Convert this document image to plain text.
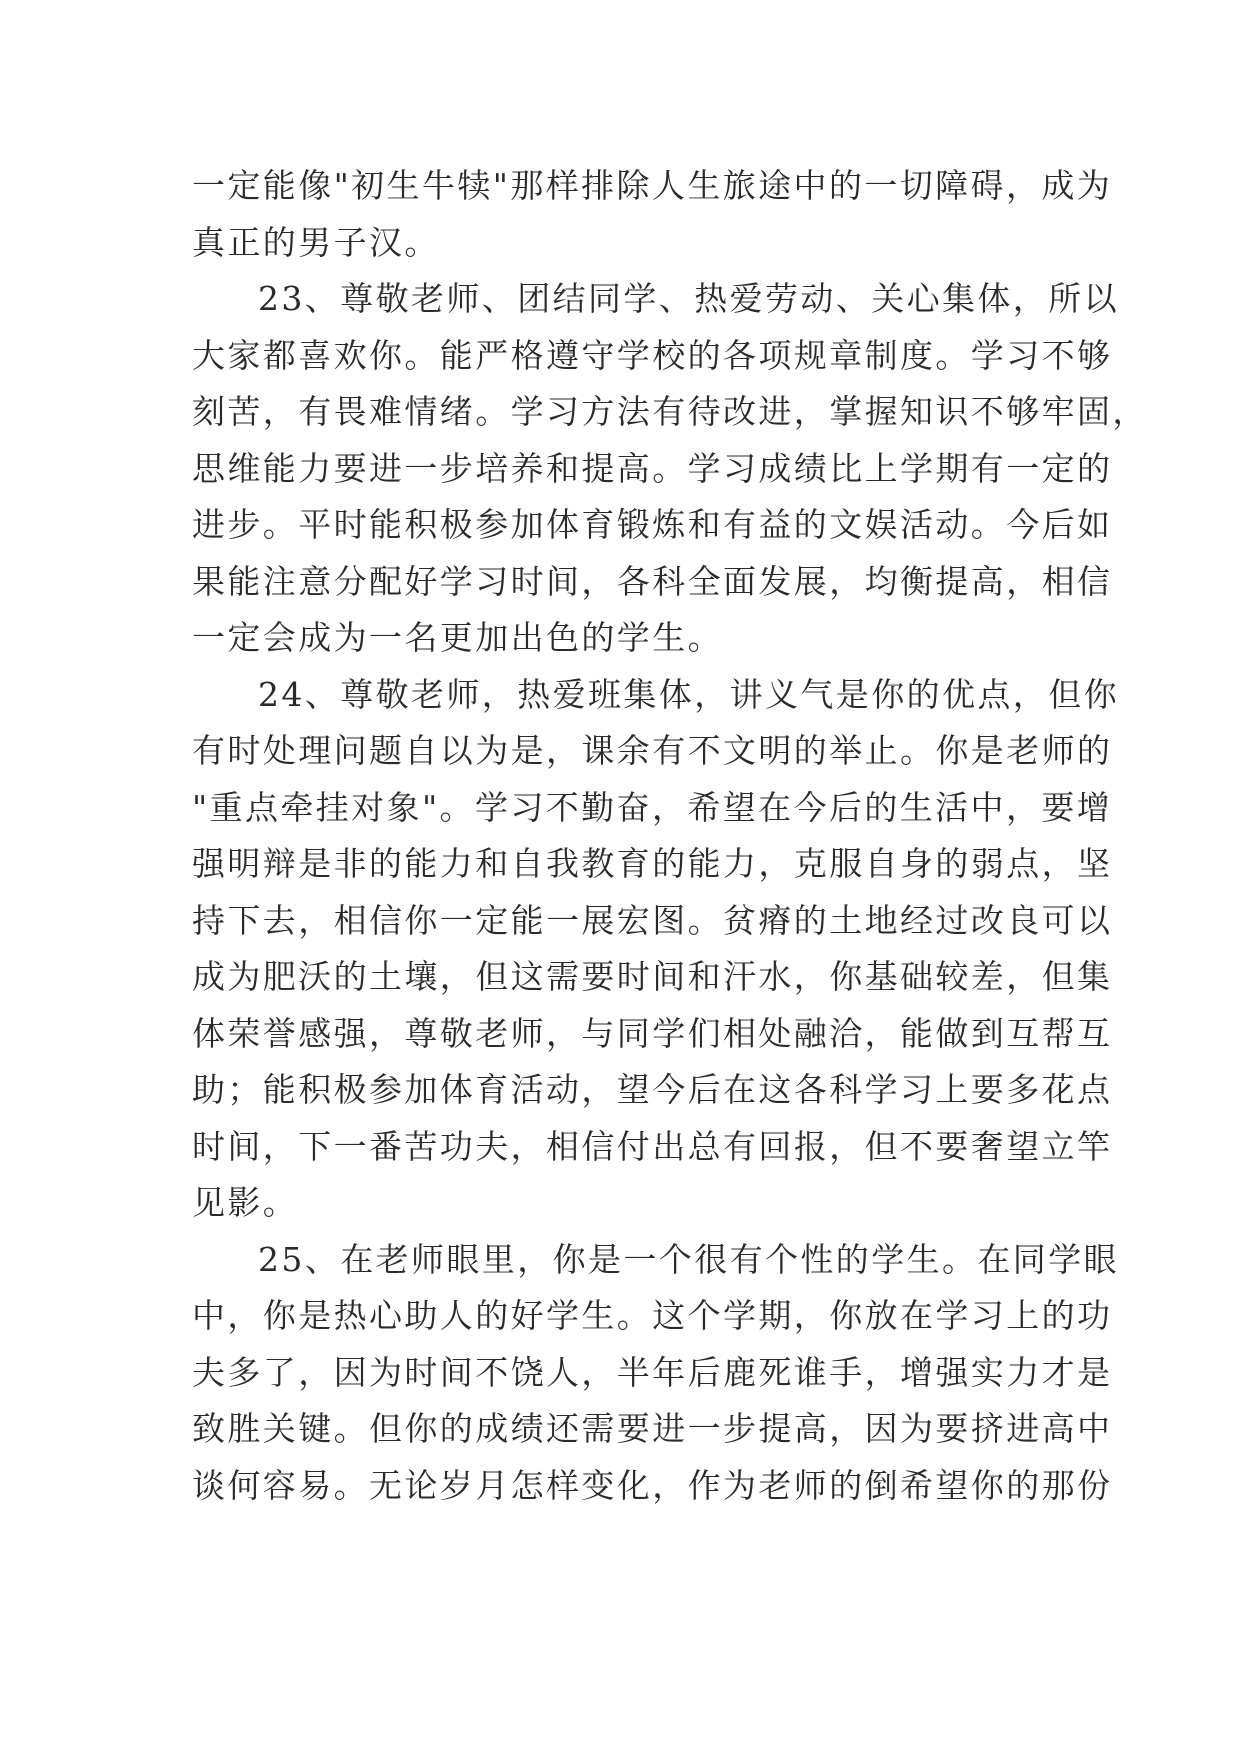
一定能像"初生牛犊"那样排除人生旅途中的一切障碍，成为
真正的男子汉。
23、尊敬老师、团结同学、热爱劳动、关心集体，所以
大家都喜欢你。能严格遵守学校的各项规章制度。学习不够
刻苦，有畏难情绪。学习方法有待改进，掌握知识不够牢固，
思维能力要进一步培养和提高。学习成绩比上学期有一定的
进步。平时能积极参加体育锻炼和有益的文娱活动。今后如
果能注意分配好学习时间，各科全面发展，均衡提高，相信
一定会成为一名更加出色的学生。
24、尊敬老师，热爱班集体，讲义气是你的优点，但你
有时处理问题自以为是，课余有不文明的举止。你是老师的
"重点牵挂对象"。学习不勤奋，希望在今后的生活中，要增
强明辩是非的能力和自我教育的能力，克服自身的弱点，坚
持下去，相信你一定能一展宏图。贫瘠的土地经过改良可以
成为肥沃的土壤，但这需要时间和汗水，你基础较差，但集
体荣誉感强，尊敬老师，与同学们相处融洽，能做到互帮互
助；能积极参加体育活动，望今后在这各科学习上要多花点
时间，下一番苦功夫，相信付出总有回报，但不要奢望立竿
见影。
25、在老师眼里，你是一个很有个性的学生。在同学眼
中，你是热心助人的好学生。这个学期，你放在学习上的功
夫多了，因为时间不饶人，半年后鹿死谁手，增强实力才是
致胜关键。但你的成绩还需要进一步提高，因为要挤进高中
谈何容易。无论岁月怎样变化，作为老师的倒希望你的那份
